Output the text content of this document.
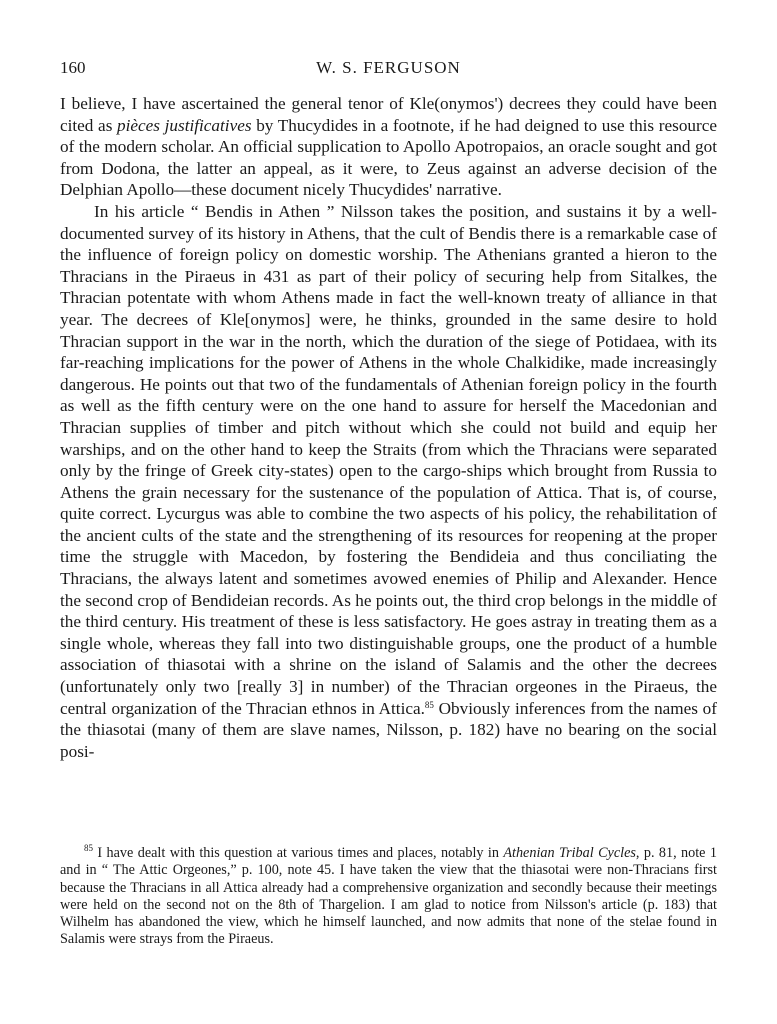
160	W. S. FERGUSON

I believe, I have ascertained the general tenor of Kle(onymos') decrees they could have been cited as pièces justificatives by Thucydides in a footnote, if he had deigned to use this resource of the modern scholar. An official supplication to Apollo Apotropaios, an oracle sought and got from Dodona, the latter an appeal, as it were, to Zeus against an adverse decision of the Delphian Apollo—these document nicely Thucydides' narrative.

In his article “ Bendis in Athen ” Nilsson takes the position, and sustains it by a well-documented survey of its history in Athens, that the cult of Bendis there is a remarkable case of the influence of foreign policy on domestic worship. The Athenians granted a hieron to the Thracians in the Piraeus in 431 as part of their policy of securing help from Sitalkes, the Thracian potentate with whom Athens made in fact the well-known treaty of alliance in that year. The decrees of Kle[onymos] were, he thinks, grounded in the same desire to hold Thracian support in the war in the north, which the duration of the siege of Potidaea, with its far-reaching implications for the power of Athens in the whole Chalkidike, made increasingly dangerous. He points out that two of the fundamentals of Athenian foreign policy in the fourth as well as the fifth century were on the one hand to assure for herself the Macedonian and Thracian supplies of timber and pitch without which she could not build and equip her warships, and on the other hand to keep the Straits (from which the Thracians were separated only by the fringe of Greek city-states) open to the cargo-ships which brought from Russia to Athens the grain necessary for the sustenance of the population of Attica. That is, of course, quite correct. Lycurgus was able to combine the two aspects of his policy, the rehabilitation of the ancient cults of the state and the strengthening of its resources for reopening at the proper time the struggle with Macedon, by fostering the Bendideia and thus conciliating the Thracians, the always latent and sometimes avowed enemies of Philip and Alexander. Hence the second crop of Bendideian records. As he points out, the third crop belongs in the middle of the third century. His treatment of these is less satisfactory. He goes astray in treating them as a single whole, whereas they fall into two distinguishable groups, one the product of a humble association of thiasotai with a shrine on the island of Salamis and the other the decrees (unfortunately only two [really 3] in number) of the Thracian orgeones in the Piraeus, the central organization of the Thracian ethnos in Attica.$^{85}$ Obviously inferences from the names of the thiasotai (many of them are slave names, Nilsson, p. 182) have no bearing on the social posi-

$^{85}$ I have dealt with this question at various times and places, notably in Athenian Tribal Cycles, p. 81, note 1 and in “ The Attic Orgeones,” p. 100, note 45. I have taken the view that the thiasotai were non-Thracians first because the Thracians in all Attica already had a comprehensive organization and secondly because their meetings were held on the second not on the 8th of Thargelion. I am glad to notice from Nilsson's article (p. 183) that Wilhelm has abandoned the view, which he himself launched, and now admits that none of the stelae found in Salamis were strays from the Piraeus.
